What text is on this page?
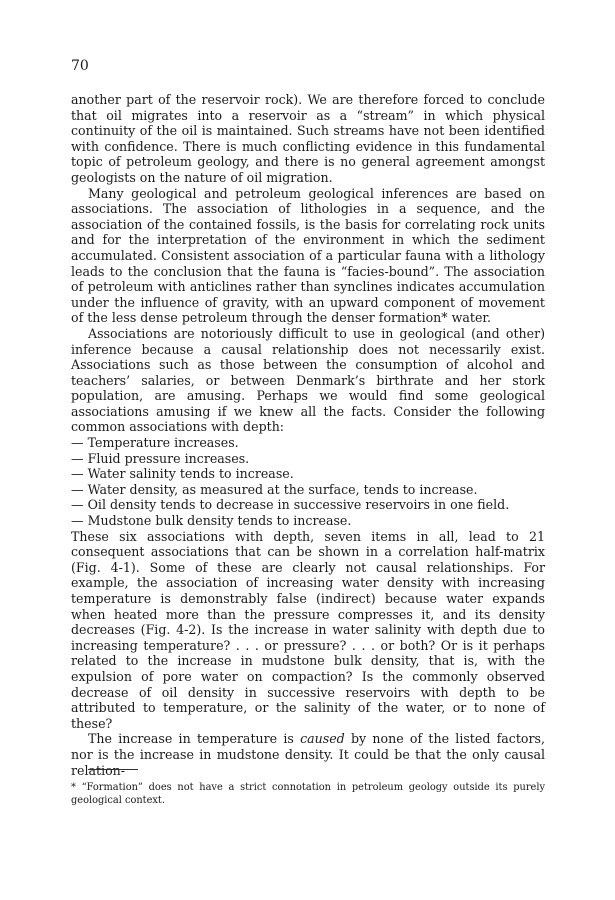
70

another part of the reservoir rock). We are therefore forced to conclude that oil migrates into a reservoir as a “stream” in which physical continuity of the oil is maintained. Such streams have not been identified with confidence. There is much conflicting evidence in this fundamental topic of petroleum geology, and there is no general agreement amongst geologists on the nature of oil migration.

Many geological and petroleum geological inferences are based on associations. The association of lithologies in a sequence, and the association of the contained fossils, is the basis for correlating rock units and for the interpretation of the environment in which the sediment accumulated. Consistent association of a particular fauna with a lithology leads to the conclusion that the fauna is “facies-bound”. The association of petroleum with anticlines rather than synclines indicates accumulation under the influence of gravity, with an upward component of movement of the less dense petroleum through the denser formation* water.

Associations are notoriously difficult to use in geological (and other) inference because a causal relationship does not necessarily exist. Associations such as those between the consumption of alcohol and teachers’ salaries, or between Denmark’s birthrate and her stork population, are amusing. Perhaps we would find some geological associations amusing if we knew all the facts. Consider the following common associations with depth:

— Temperature increases.
— Fluid pressure increases.
— Water salinity tends to increase.
— Water density, as measured at the surface, tends to increase.
— Oil density tends to decrease in successive reservoirs in one field.
— Mudstone bulk density tends to increase.

These six associations with depth, seven items in all, lead to 21 consequent associations that can be shown in a correlation half-matrix (Fig. 4-1). Some of these are clearly not causal relationships. For example, the association of increasing water density with increasing temperature is demonstrably false (indirect) because water expands when heated more than the pressure compresses it, and its density decreases (Fig. 4-2). Is the increase in water salinity with depth due to increasing temperature? . . . or pressure? . . . or both? Or is it perhaps related to the increase in mudstone bulk density, that is, with the expulsion of pore water on compaction? Is the commonly observed decrease of oil density in successive reservoirs with depth to be attributed to temperature, or the salinity of the water, or to none of these?

The increase in temperature is caused by none of the listed factors, nor is the increase in mudstone density. It could be that the only causal relation-

* “Formation” does not have a strict connotation in petroleum geology outside its purely geological context.
